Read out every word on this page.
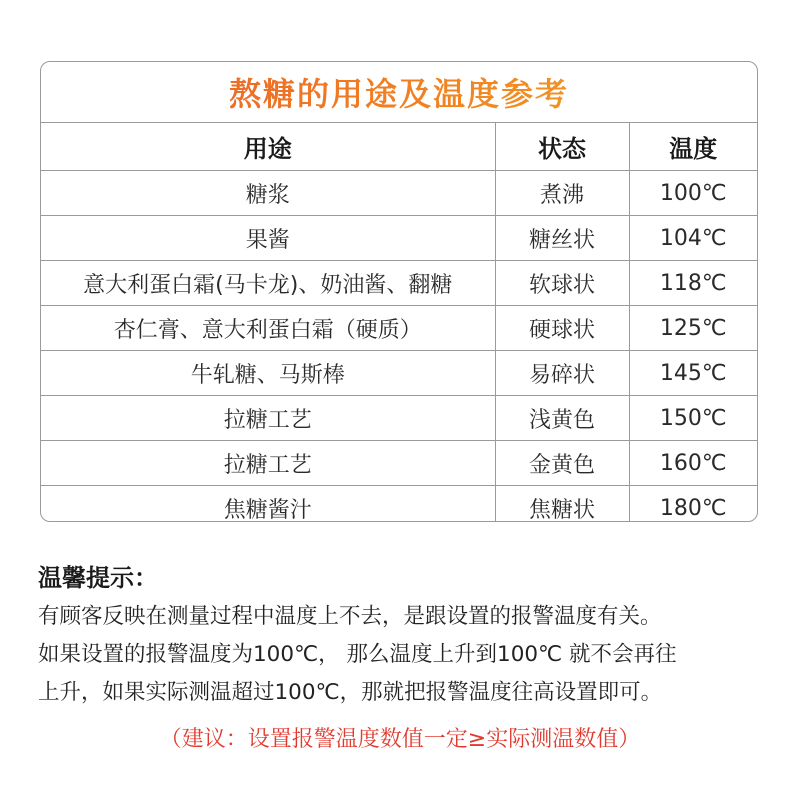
熬糖的用途及温度参考
用途	状态	温度
糖浆	煮沸	100℃
果酱	糖丝状	104℃
意大利蛋白霜(马卡龙)、奶油酱、翻糖	软球状	118℃
杏仁膏、意大利蛋白霜（硬质）	硬球状	125℃
牛轧糖、马斯棒	易碎状	145℃
拉糖工艺	浅黄色	150℃
拉糖工艺	金黄色	160℃
焦糖酱汁	焦糖状	180℃
温馨提示：
有顾客反映在测量过程中温度上不去，是跟设置的报警温度有关。
如果设置的报警温度为100℃， 那么温度上升到100℃ 就不会再往
上升，如果实际测温超过100℃，那就把报警温度往高设置即可。
（建议：设置报警温度数值一定≥实际测温数值）
